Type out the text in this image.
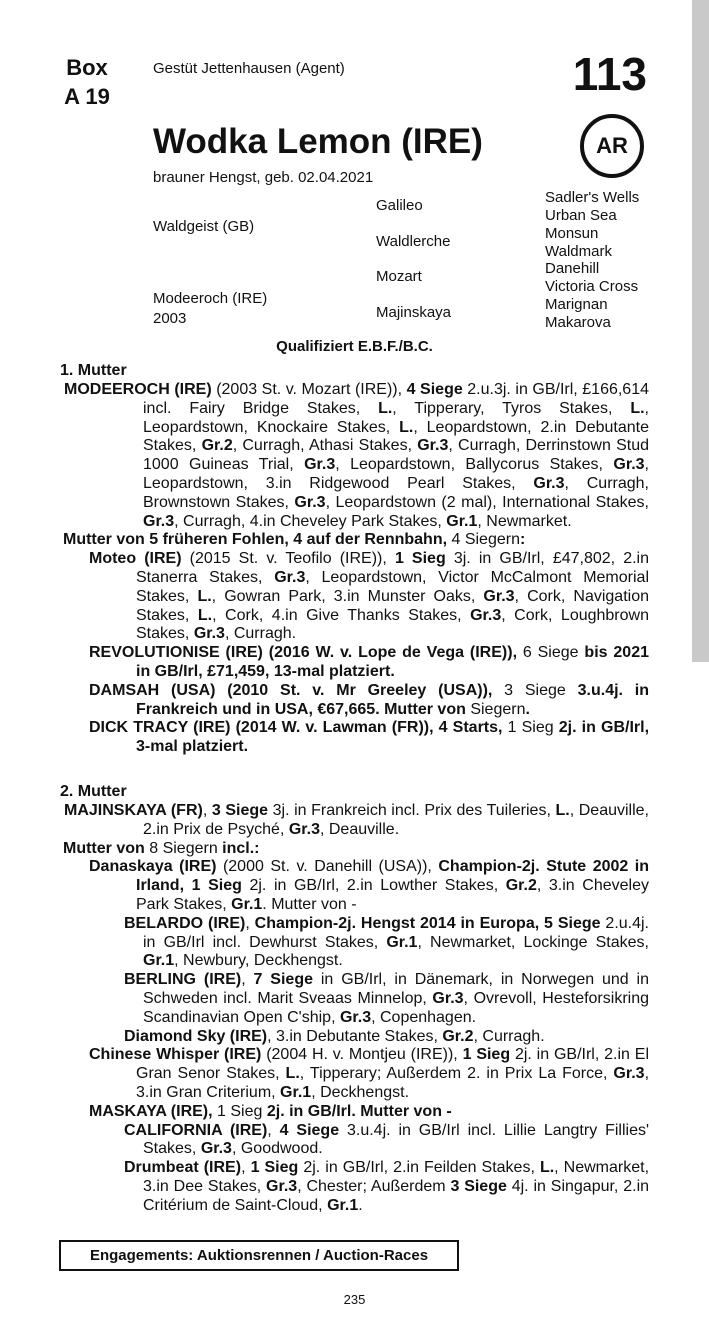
Box
A 19
Gestüt Jettenhausen (Agent)	113
Wodka Lemon (IRE)	AR
brauner Hengst, geb. 02.04.2021
Waldgeist (GB)
Modeeroch (IRE)
2003
Galileo
Waldlerche
Mozart
Majinskaya
Sadler's Wells
Urban Sea
Monsun
Waldmark
Danehill
Victoria Cross
Marignan
Makarova
Qualifiziert E.B.F./B.C.
1. Mutter

MODEEROCH (IRE) (2003 St. v. Mozart (IRE)), 4 Siege 2.u.3j. in GB/Irl, £166,614 incl. Fairy Bridge Stakes, L., Tipperary, Tyros Stakes, L., Leopardstown, Knockaire Stakes, L., Leopardstown, 2.in Debutante Stakes, Gr.2, Curragh, Athasi Stakes, Gr.3, Curragh, Derrinstown Stud 1000 Guineas Trial, Gr.3, Leopardstown, Ballycorus Stakes, Gr.3, Leopardstown, 3.in Ridgewood Pearl Stakes, Gr.3, Curragh, Brownstown Stakes, Gr.3, Leopardstown (2 mal), International Stakes, Gr.3, Curragh, 4.in Cheveley Park Stakes, Gr.1, Newmarket.

Mutter von 5 früheren Fohlen, 4 auf der Rennbahn, 4 Siegern:

Moteo (IRE) (2015 St. v. Teofilo (IRE)), 1 Sieg 3j. in GB/Irl, £47,802, 2.in Stanerra Stakes, Gr.3, Leopardstown, Victor McCalmont Memorial Stakes, L., Gowran Park, 3.in Munster Oaks, Gr.3, Cork, Navigation Stakes, L., Cork, 4.in Give Thanks Stakes, Gr.3, Cork, Loughbrown Stakes, Gr.3, Curragh.

REVOLUTIONISE (IRE) (2016 W. v. Lope de Vega (IRE)), 6 Siege bis 2021 in GB/Irl, £71,459, 13-mal platziert.

DAMSAH (USA) (2010 St. v. Mr Greeley (USA)), 3 Siege 3.u.4j. in Frankreich und in USA, €67,665. Mutter von Siegern.

DICK TRACY (IRE) (2014 W. v. Lawman (FR)), 4 Starts, 1 Sieg 2j. in GB/Irl, 3-mal platziert.

2. Mutter

MAJINSKAYA (FR), 3 Siege 3j. in Frankreich incl. Prix des Tuileries, L., Deauville, 2.in Prix de Psyché, Gr.3, Deauville.

Mutter von 8 Siegern incl.:

Danaskaya (IRE) (2000 St. v. Danehill (USA)), Champion-2j. Stute 2002 in Irland, 1 Sieg 2j. in GB/Irl, 2.in Lowther Stakes, Gr.2, 3.in Cheveley Park Stakes, Gr.1. Mutter von -

BELARDO (IRE), Champion-2j. Hengst 2014 in Europa, 5 Siege 2.u.4j. in GB/Irl incl. Dewhurst Stakes, Gr.1, Newmarket, Lockinge Stakes, Gr.1, Newbury, Deckhengst.

BERLING (IRE), 7 Siege in GB/Irl, in Dänemark, in Norwegen und in Schweden incl. Marit Sveaas Minnelop, Gr.3, Ovrevoll, Hesteforsikring Scandinavian Open C'ship, Gr.3, Copenhagen.

Diamond Sky (IRE), 3.in Debutante Stakes, Gr.2, Curragh.

Chinese Whisper (IRE) (2004 H. v. Montjeu (IRE)), 1 Sieg 2j. in GB/Irl, 2.in El Gran Senor Stakes, L., Tipperary; Außerdem 2. in Prix La Force, Gr.3, 3.in Gran Criterium, Gr.1, Deckhengst.

MASKAYA (IRE), 1 Sieg 2j. in GB/Irl. Mutter von -

CALIFORNIA (IRE), 4 Siege 3.u.4j. in GB/Irl incl. Lillie Langtry Fillies' Stakes, Gr.3, Goodwood.

Drumbeat (IRE), 1 Sieg 2j. in GB/Irl, 2.in Feilden Stakes, L., Newmarket, 3.in Dee Stakes, Gr.3, Chester; Außerdem 3 Siege 4j. in Singapur, 2.in Critérium de Saint-Cloud, Gr.1.

Engagements: Auktionsrennen / Auction-Races
235
